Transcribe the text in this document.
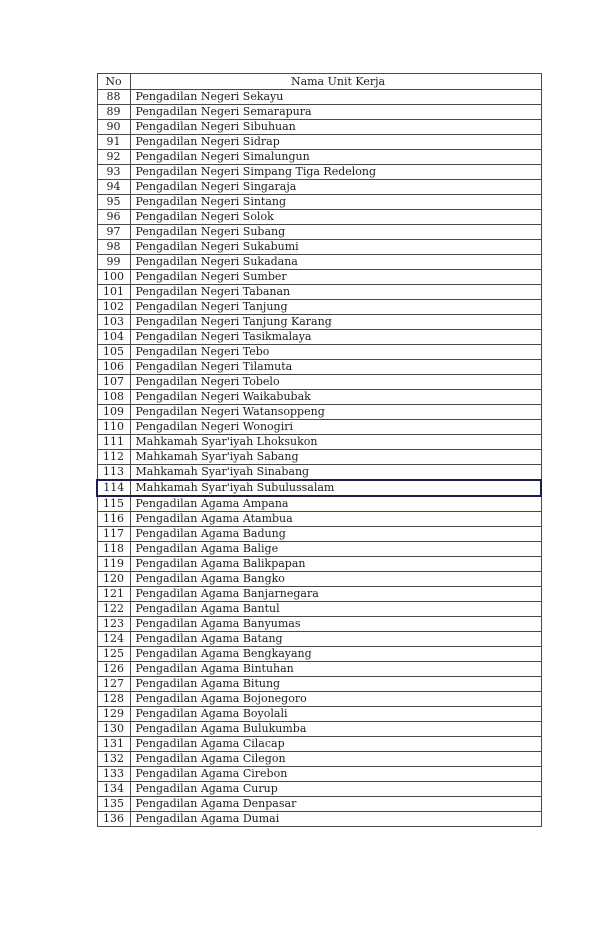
No	Nama Unit Kerja
88	Pengadilan Negeri Sekayu
89	Pengadilan Negeri Semarapura
90	Pengadilan Negeri Sibuhuan
91	Pengadilan Negeri Sidrap
92	Pengadilan Negeri Simalungun
93	Pengadilan Negeri Simpang Tiga Redelong
94	Pengadilan Negeri Singaraja
95	Pengadilan Negeri Sintang
96	Pengadilan Negeri Solok
97	Pengadilan Negeri Subang
98	Pengadilan Negeri Sukabumi
99	Pengadilan Negeri Sukadana
100	Pengadilan Negeri Sumber
101	Pengadilan Negeri Tabanan
102	Pengadilan Negeri Tanjung
103	Pengadilan Negeri Tanjung Karang
104	Pengadilan Negeri Tasikmalaya
105	Pengadilan Negeri Tebo
106	Pengadilan Negeri Tilamuta
107	Pengadilan Negeri Tobelo
108	Pengadilan Negeri Waikabubak
109	Pengadilan Negeri Watansoppeng
110	Pengadilan Negeri Wonogiri
111	Mahkamah Syar'iyah Lhoksukon
112	Mahkamah Syar'iyah Sabang
113	Mahkamah Syar'iyah Sinabang
114	Mahkamah Syar'iyah Subulussalam
115	Pengadilan Agama Ampana
116	Pengadilan Agama Atambua
117	Pengadilan Agama Badung
118	Pengadilan Agama Balige
119	Pengadilan Agama Balikpapan
120	Pengadilan Agama Bangko
121	Pengadilan Agama Banjarnegara
122	Pengadilan Agama Bantul
123	Pengadilan Agama Banyumas
124	Pengadilan Agama Batang
125	Pengadilan Agama Bengkayang
126	Pengadilan Agama Bintuhan
127	Pengadilan Agama Bitung
128	Pengadilan Agama Bojonegoro
129	Pengadilan Agama Boyolali
130	Pengadilan Agama Bulukumba
131	Pengadilan Agama Cilacap
132	Pengadilan Agama Cilegon
133	Pengadilan Agama Cirebon
134	Pengadilan Agama Curup
135	Pengadilan Agama Denpasar
136	Pengadilan Agama Dumai
